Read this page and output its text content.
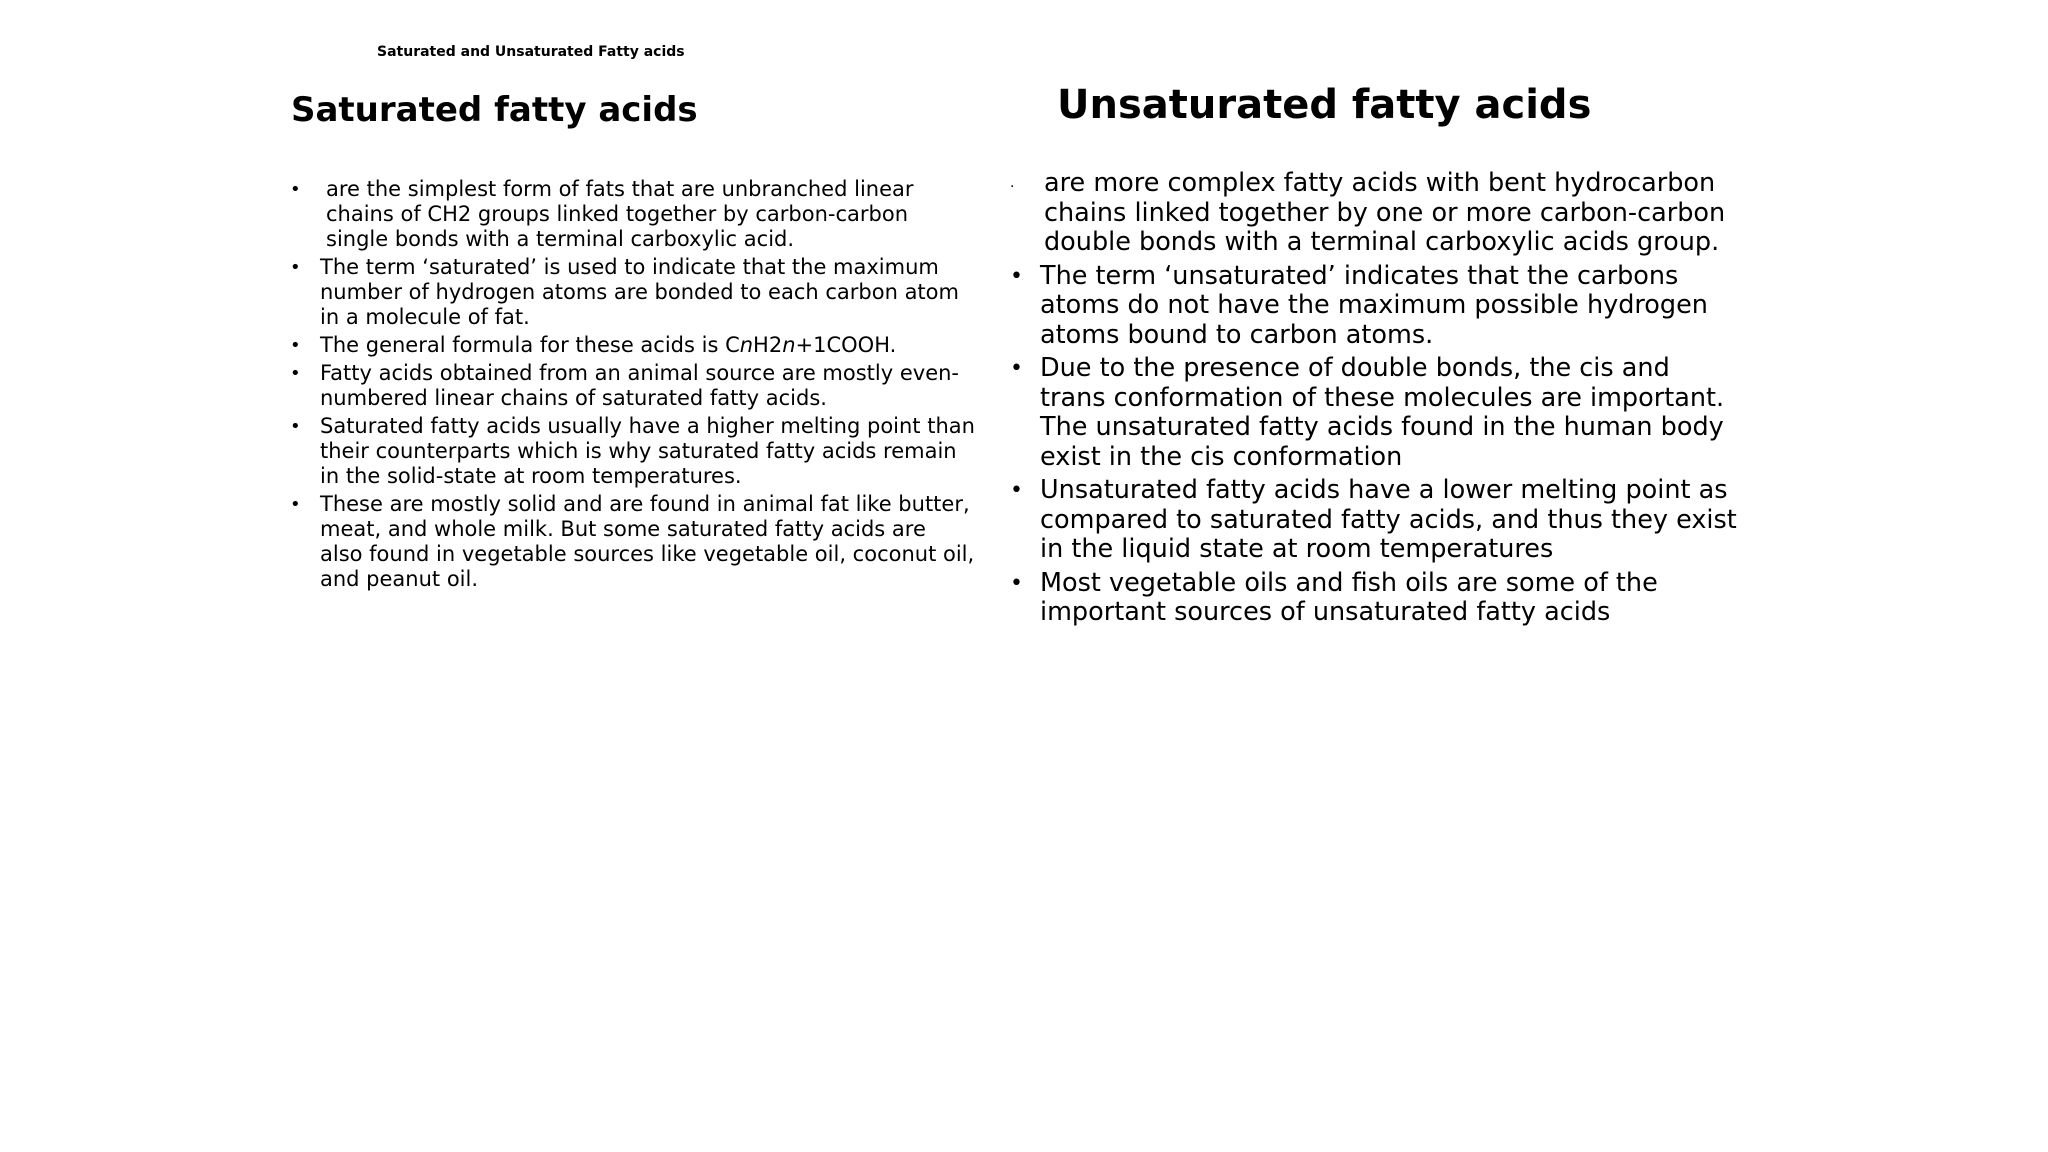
Saturated and Unsaturated Fatty acids
Saturated fatty acids
• are the simplest form of fats that are unbranched linear chains of CH2 groups linked together by carbon-carbon single bonds with a terminal carboxylic acid.
• The term ‘saturated’ is used to indicate that the maximum number of hydrogen atoms are bonded to each carbon atom in a molecule of fat.
• The general formula for these acids is CnH2n+1COOH.
• Fatty acids obtained from an animal source are mostly even-numbered linear chains of saturated fatty acids.
• Saturated fatty acids usually have a higher melting point than their counterparts which is why saturated fatty acids remain in the solid-state at room temperatures.
• These are mostly solid and are found in animal fat like butter, meat, and whole milk. But some saturated fatty acids are also found in vegetable sources like vegetable oil, coconut oil, and peanut oil.
Unsaturated fatty acids
· are more complex fatty acids with bent hydrocarbon chains linked together by one or more carbon-carbon double bonds with a terminal carboxylic acids group.
• The term ‘unsaturated’ indicates that the carbons atoms do not have the maximum possible hydrogen atoms bound to carbon atoms.
• Due to the presence of double bonds, the cis and trans conformation of these molecules are important. The unsaturated fatty acids found in the human body exist in the cis conformation
• Unsaturated fatty acids have a lower melting point as compared to saturated fatty acids, and thus they exist in the liquid state at room temperatures
• Most vegetable oils and fish oils are some of the important sources of unsaturated fatty acids
